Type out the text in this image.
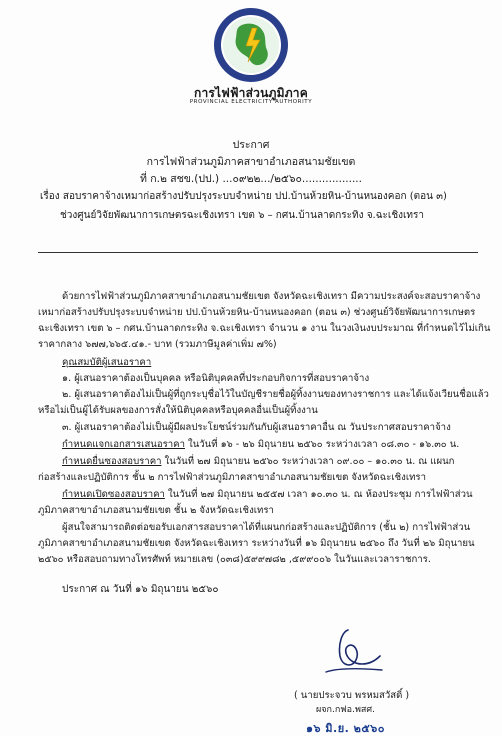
การไฟฟ้าส่วนภูมิภาค
PROVINCIAL ELECTRICITY AUTHORITY
ประกาศ
การไฟฟ้าส่วนภูมิภาคสาขาอำเภอสนามชัยเขต
ที่ ก.๒ สชข.(ปป.) ...๐๙๒๒.../๒๕๖๐..................
เรื่อง สอบราคาจ้างเหมาก่อสร้างปรับปรุงระบบจำหน่าย ปป.บ้านห้วยหิน-บ้านหนองคอก (ตอน ๓)
ช่วงศูนย์วิจัยพัฒนาการเกษตรฉะเชิงเทรา เขต ๖ – กศน.บ้านลาดกระทิง จ.ฉะเชิงเทรา
ด้วยการไฟฟ้าส่วนภูมิภาคสาขาอำเภอสนามชัยเขต จังหวัดฉะเชิงเทรา มีความประสงค์จะสอบราคาจ้าง
เหมาก่อสร้างปรับปรุงระบบจำหน่าย ปป.บ้านห้วยหิน-บ้านหนองคอก (ตอน ๓) ช่วงศูนย์วิจัยพัฒนาการเกษตร
ฉะเชิงเทรา เขต ๖ – กศน.บ้านลาดกระทิง จ.ฉะเชิงเทรา จำนวน ๑ งาน ในวงเงินงบประมาณ ที่กำหนดไว้ไม่เกิน
ราคากลาง ๖๗๗,๖๖๕.๔๑.- บาท (รวมภาษีมูลค่าเพิ่ม ๗%)
คุณสมบัติผู้เสนอราคา
๑. ผู้เสนอราคาต้องเป็นบุคคล หรือนิติบุคคลที่ประกอบกิจการที่สอบราคาจ้าง
๒. ผู้เสนอราคาต้องไม่เป็นผู้ที่ถูกระบุชื่อไว้ในบัญชีรายชื่อผู้ทิ้งงานของทางราชการ และได้แจ้งเวียนชื่อแล้ว
หรือไม่เป็นผู้ได้รับผลของการสั่งให้นิติบุคคลหรือบุคคลอื่นเป็นผู้ทิ้งงาน
๓. ผู้เสนอราคาต้องไม่เป็นผู้มีผลประโยชน์ร่วมกันกับผู้เสนอราคาอื่น ณ วันประกาศสอบราคาจ้าง
กำหนดแจกเอกสารเสนอราคา ในวันที่ ๑๖ - ๒๖ มิถุนายน ๒๕๖๐ ระหว่างเวลา ๐๘.๓๐ - ๑๖.๓๐ น.
กำหนดยื่นซองสอบราคา ในวันที่ ๒๗ มิถุนายน ๒๕๖๐ ระหว่างเวลา ๐๙.๐๐ – ๑๐.๓๐ น. ณ แผนก
ก่อสร้างและปฏิบัติการ ชั้น ๒ การไฟฟ้าส่วนภูมิภาคสาขาอำเภอสนามชัยเขต จังหวัดฉะเชิงเทรา
กำหนดเปิดซองสอบราคา ในวันที่ ๒๗ มิถุนายน ๒๕๕๗ เวลา ๑๐.๓๐ น. ณ ห้องประชุม การไฟฟ้าส่วน
ภูมิภาคสาขาอำเภอสนามชัยเขต ชั้น ๒ จังหวัดฉะเชิงเทรา
ผู้สนใจสามารถติดต่อขอรับเอกสารสอบราคาได้ที่แผนกก่อสร้างและปฏิบัติการ (ชั้น ๒) การไฟฟ้าส่วน
ภูมิภาคสาขาอำเภอสนามชัยเขต จังหวัดฉะเชิงเทรา ระหว่างวันที่ ๑๖ มิถุนายน ๒๕๖๐ ถึง วันที่ ๒๖ มิถุนายน
๒๕๖๐ หรือสอบถามทางโทรศัพท์ หมายเลข (๐๓๘)๕๙๙๗๘๒ ,๕๙๙๐๐๖ ในวันและเวลาราชการ.
ประกาศ ณ วันที่ ๑๖ มิถุนายน ๒๕๖๐
( นายประจวบ พรหมสวัสดิ์ )
ผจก.กฟอ.พสศ.
๑๖ มิ.ย. ๒๕๖๐
